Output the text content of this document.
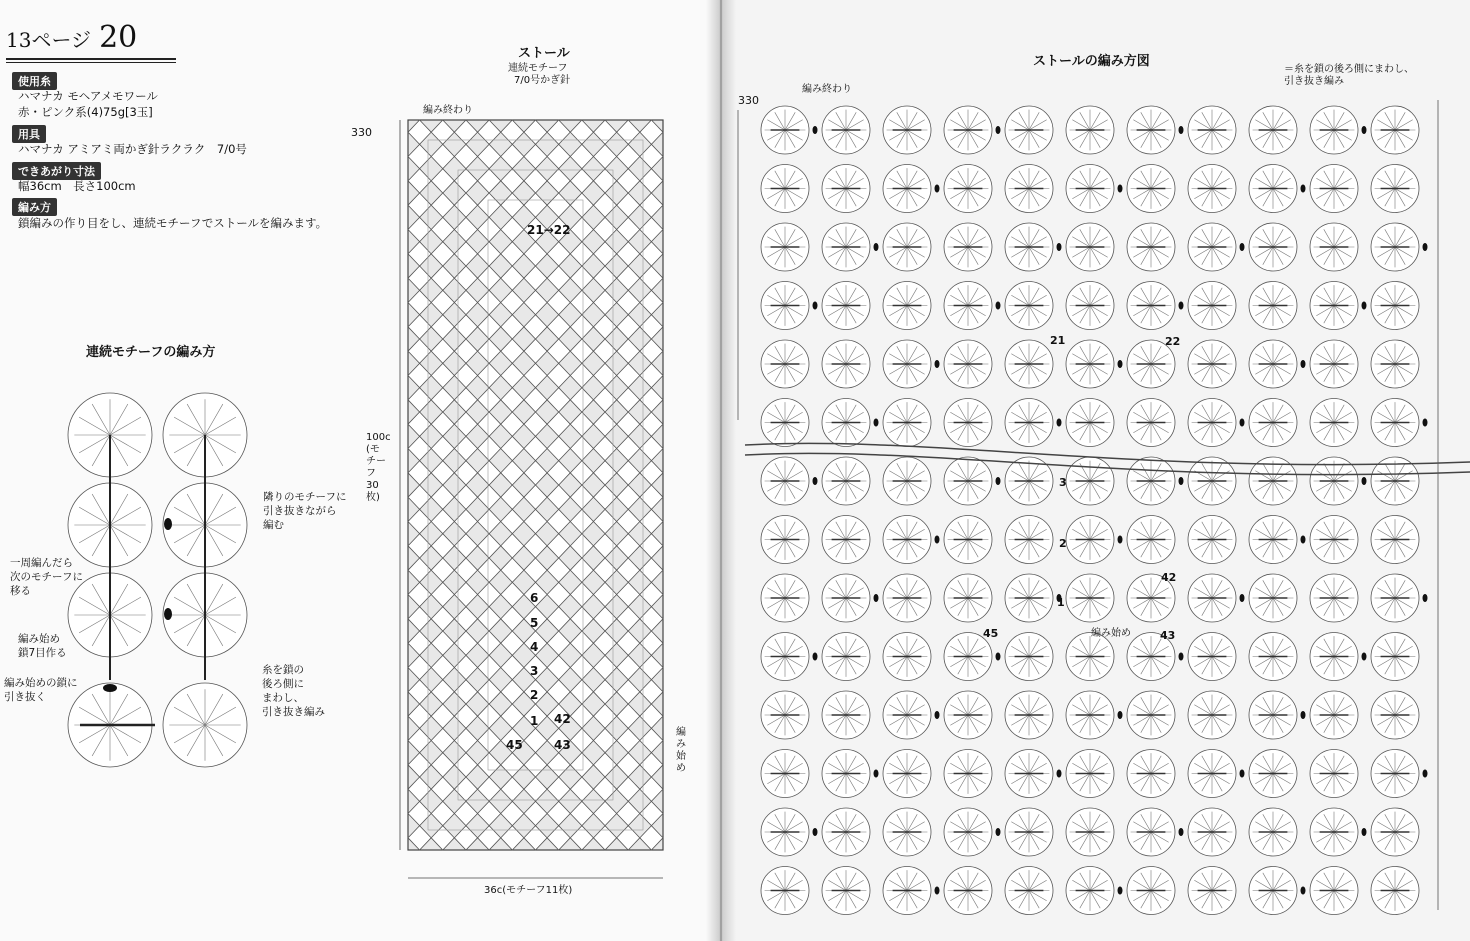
13ページ 20
使用糸
ハマナカ モヘアメモワール
赤・ピンク系(4)75g[3玉]
用具
ハマナカ アミアミ両かぎ針ラクラク　7/0号
できあがり寸法
幅36cm　長さ100cm
編み方
鎖編みの作り目をし、連続モチーフでストールを編みます。
連続モチーフの編み方
隣りのモチーフに
引き抜きながら
編む
一周編んだら
次のモチーフに
移る
編み始め
鎖7目作る
編み始めの鎖に
引き抜く
糸を鎖の
後ろ側に
まわし、
引き抜き編み
ストール
連続モチーフ
7/0号かぎ針
編み終わり
330
100c
(モチーフ30枚)
36c(モチーフ11枚)
編み始め
21→22
6
5
4
3
2
1 42
45	43
ストールの編み方図
＝糸を鎖の後ろ側にまわし、
引き抜き編み
編み終わり
330
21	22
3
2
1
42
45	編み始め	43
